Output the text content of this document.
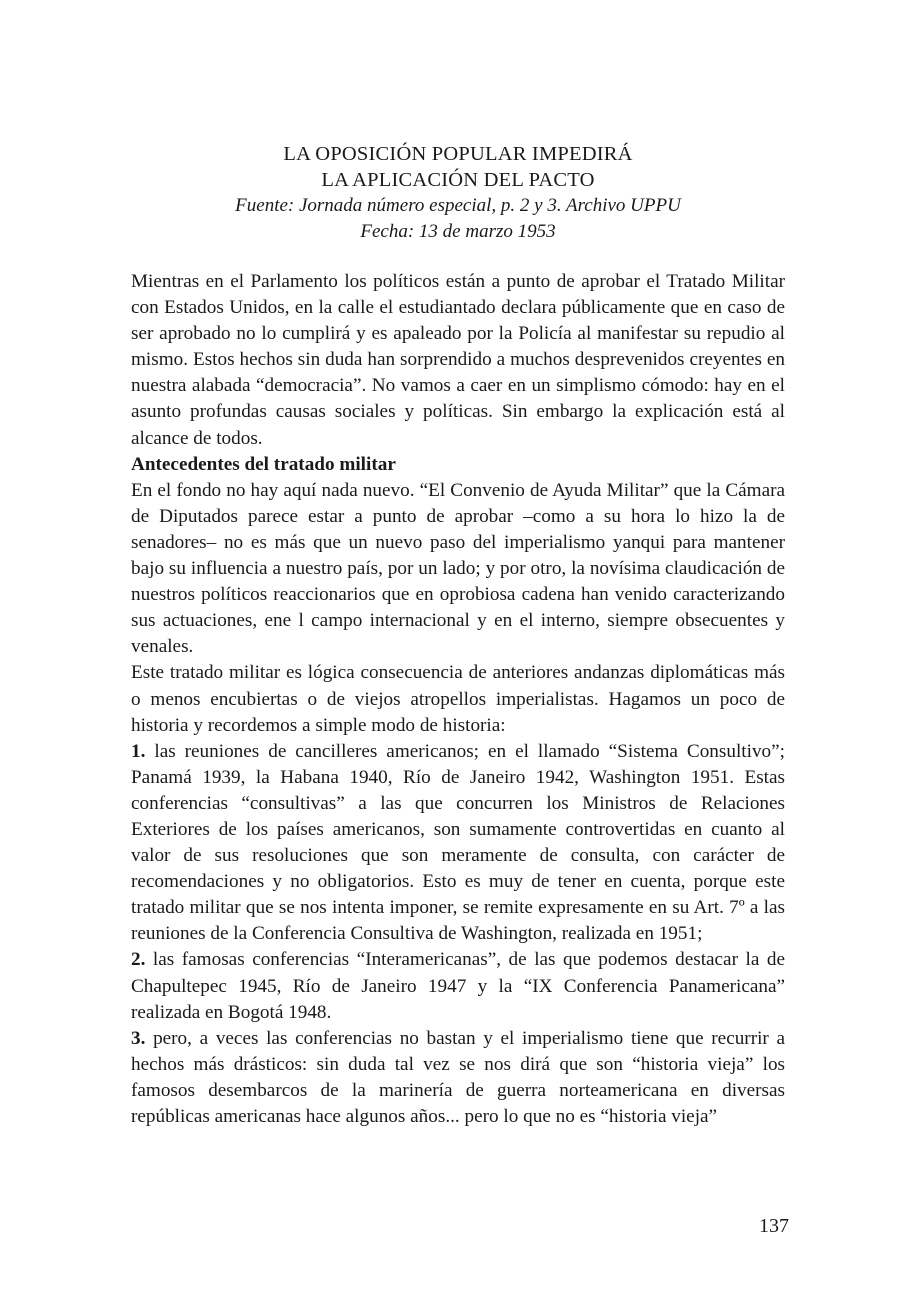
LA OPOSICIÓN POPULAR IMPEDIRÁ
LA APLICACIÓN DEL PACTO
Fuente: Jornada número especial, p. 2 y 3. Archivo UPPU
Fecha: 13 de marzo 1953

Mientras en el Parlamento los políticos están a punto de aprobar el Tratado Militar con Estados Unidos, en la calle el estudiantado declara públicamente que en caso de ser aprobado no lo cumplirá y es apaleado por la Policía al manifestar su repudio al mismo. Estos hechos sin duda han sorprendido a muchos desprevenidos creyentes en nuestra alabada “democracia”. No vamos a caer en un simplismo cómodo: hay en el asunto profundas causas sociales y políticas. Sin embargo la explicación está al alcance de todos.

Antecedentes del tratado militar

En el fondo no hay aquí nada nuevo. “El Convenio de Ayuda Militar” que la Cámara de Diputados parece estar a punto de aprobar –como a su hora lo hizo la de senadores– no es más que un nuevo paso del imperialismo yanqui para mantener bajo su influencia a nuestro país, por un lado; y por otro, la novísima claudicación de nuestros políticos reaccionarios que en oprobiosa cadena han venido caracterizando sus actuaciones, ene l campo internacional y en el interno, siempre obsecuentes y venales.

Este tratado militar es lógica consecuencia de anteriores andanzas diplomáticas más o menos encubiertas o de viejos atropellos imperialistas. Hagamos un poco de historia y recordemos a simple modo de historia:

1. las reuniones de cancilleres americanos; en el llamado “Sistema Consultivo”; Panamá 1939, la Habana 1940, Río de Janeiro 1942, Washington 1951. Estas conferencias “consultivas” a las que concurren los Ministros de Relaciones Exteriores de los países americanos, son sumamente controvertidas en cuanto al valor de sus resoluciones que son meramente de consulta, con carácter de recomendaciones y no obligatorios. Esto es muy de tener en cuenta, porque este tratado militar que se nos intenta imponer, se remite expresamente en su Art. 7º a las reuniones de la Conferencia Consultiva de Washington, realizada en 1951;

2. las famosas conferencias “Interamericanas”, de las que podemos destacar la de Chapultepec 1945, Río de Janeiro 1947 y la “IX Conferencia Panamericana” realizada en Bogotá 1948.

3. pero, a veces las conferencias no bastan y el imperialismo tiene que recurrir a hechos más drásticos: sin duda tal vez se nos dirá que son “historia vieja” los famosos desembarcos de la marinería de guerra norteamericana en diversas repúblicas americanas hace algunos años... pero lo que no es “historia vieja”

137
